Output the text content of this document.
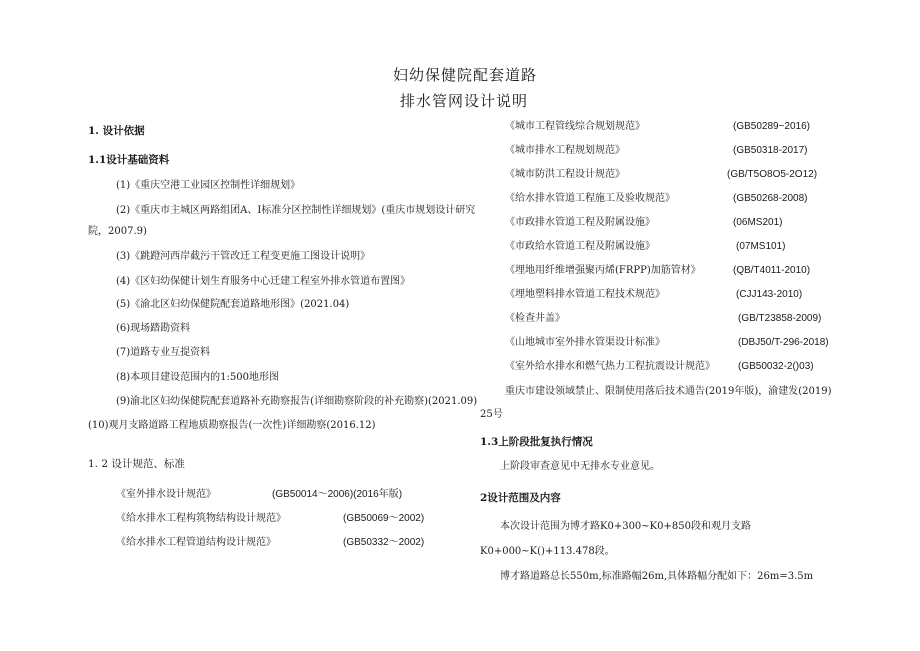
妇幼保健院配套道路
排水管网设计说明
1. 设计依据
1.1设计基础资料
(1)《重庆空港工业园区控制性详细规划》
(2)《重庆市主城区两路组团A、I标准分区控制性详细规划》(重庆市规划设计研究
院，2007.9)
(3)《跳蹬河西岸截污干管改迁工程变更施工图设计说明》
(4)《区妇幼保健计划生育服务中心迁建工程室外排水管道布置图》
(5)《渝北区妇幼保健院配套道路地形图》(2021.04)
(6)现场踏勘资料
(7)道路专业互提资料
(8)本项目建设范围内的1:500地形图
(9)渝北区妇幼保健院配套道路补充勘察报告(详细勘察阶段的补充勘察)(2021.09)
(10)观月支路道路工程地质勘察报告(一次性)详细勘察(2016.12)
1. 2 设计规范、标准
《室外排水设计规范》	(GB50014～2006)(2016年版)
《给水排水工程构筑物结构设计规范》	(GB50069～2002)
《给水排水工程管道结构设计规范》	(GB50332～2002)
《城市工程管线综合规划规范》	(GB50289~2016)
《城市排水工程规划规范》	(GB50318-2017)
《城市防洪工程设计规范》	(GB/T5O8O5-2O12)
《给水排水管道工程施工及验收规范》	(GB50268-2008)
《市政排水管道工程及附属设施》	(06MS201)
《市政给水管道工程及附属设施》	(07MS101)
《埋地用纤维增强聚丙烯(FRPP)加筋管材》	(QB/T4011-2010)
《埋地塑料排水管道工程技术规范》	(CJJ143-2010)
《检查井盖》	(GB/T23858-2009)
《山地城市室外排水管渠设计标准》	(DBJ50/T-296-2018)
《室外给水排水和燃气热力工程抗震设计规范》 (GB50032-2()03)
重庆市建设领域禁止、限制使用落后技术通告(2019年版)，渝建发(2019)
25号
1.3上阶段批复执行情况
上阶段审查意见中无排水专业意见。
2设计范围及内容
本次设计范围为博才路K0+300~K0+850段和观月支路
K0+000~K()+113.478段。
博才路道路总长550m,标准路幅26m,具体路幅分配如下：26m=3.5m
